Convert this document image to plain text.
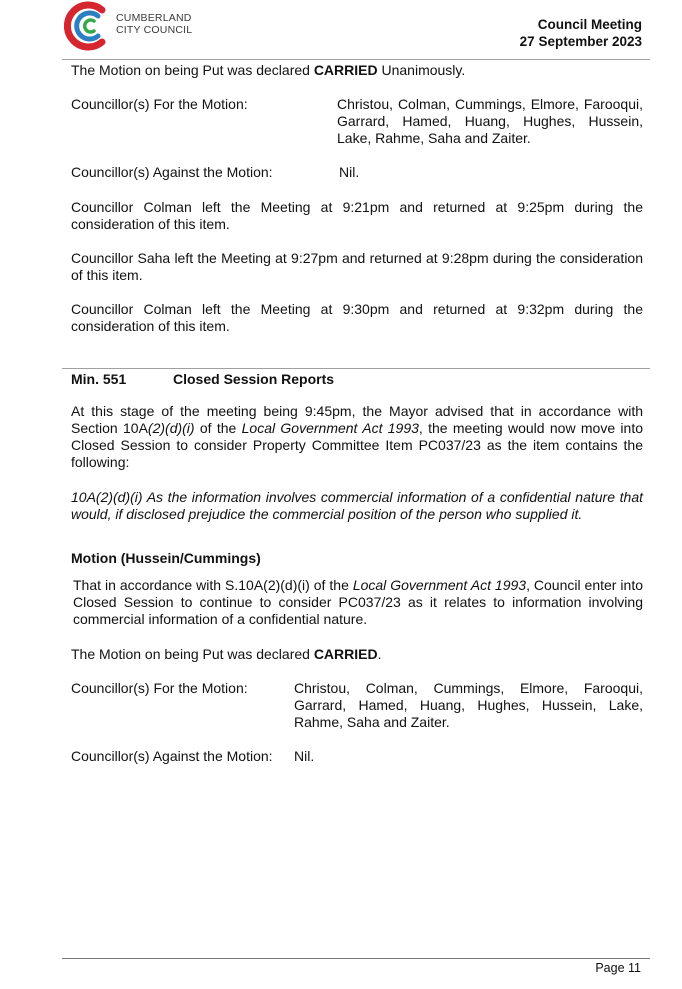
CUMBERLAND
CITY COUNCIL	Council Meeting
27 September 2023

The Motion on being Put was declared CARRIED Unanimously.

Councillor(s) For the Motion:	Christou, Colman, Cummings, Elmore, Farooqui, Garrard, Hamed, Huang, Hughes, Hussein, Lake, Rahme, Saha and Zaiter.
Councillor(s) Against the Motion:	Nil.

Councillor Colman left the Meeting at 9:21pm and returned at 9:25pm during the consideration of this item.

Councillor Saha left the Meeting at 9:27pm and returned at 9:28pm during the consideration of this item.

Councillor Colman left the Meeting at 9:30pm and returned at 9:32pm during the consideration of this item.

Min. 551	Closed Session Reports

At this stage of the meeting being 9:45pm, the Mayor advised that in accordance with Section 10A(2)(d)(i) of the Local Government Act 1993, the meeting would now move into Closed Session to consider Property Committee Item PC037/23 as the item contains the following:

10A(2)(d)(i) As the information involves commercial information of a confidential nature that would, if disclosed prejudice the commercial position of the person who supplied it.

Motion (Hussein/Cummings)

That in accordance with S.10A(2)(d)(i) of the Local Government Act 1993, Council enter into Closed Session to continue to consider PC037/23 as it relates to information involving commercial information of a confidential nature.

The Motion on being Put was declared CARRIED.

Councillor(s) For the Motion:	Christou, Colman, Cummings, Elmore, Farooqui, Garrard, Hamed, Huang, Hughes, Hussein, Lake, Rahme, Saha and Zaiter.
Councillor(s) Against the Motion: Nil.
Page 11
